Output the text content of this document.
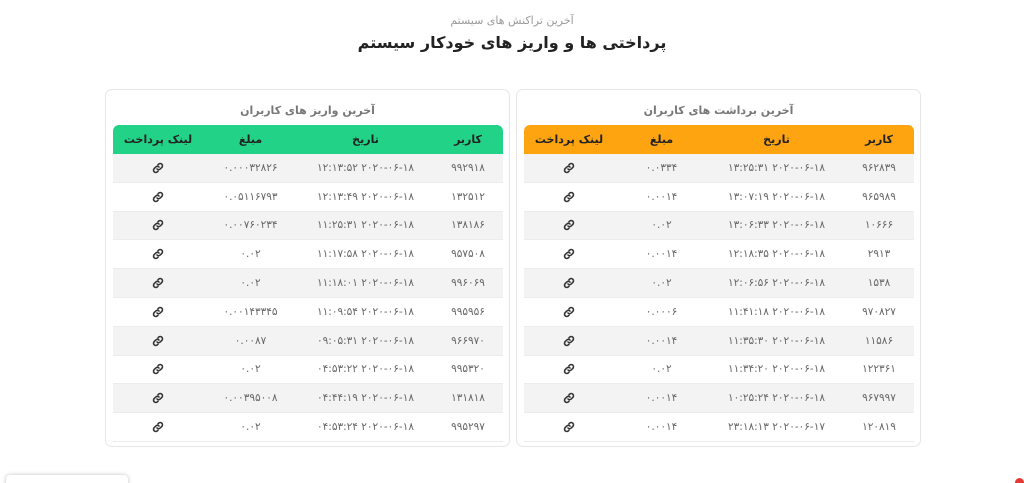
آخرین تراکنش های سیستم
پرداختی ها و واریز های خودکار سیستم
آخرین واریز های کاربران
کاربر
تاریخ
مبلغ
لینک پرداخت
۹۹۲۹۱۸
۲۰۲۰-۰۶-۱۸ ۱۲:۱۳:۵۲
۰.۰۰۰۳۲۸۲۶
۱۳۲۵۱۲
۲۰۲۰-۰۶-۱۸ ۱۲:۱۳:۴۹
۰.۰۵۱۱۶۷۹۳
۱۳۸۱۸۶
۲۰۲۰-۰۶-۱۸ ۱۱:۲۵:۳۱
۰.۰۰۷۶۰۲۳۴
۹۵۷۵۰۸
۲۰۲۰-۰۶-۱۸ ۱۱:۱۷:۵۸
۰.۰۲
۹۹۶۰۶۹
۲۰۲۰-۰۶-۱۸ ۱۱:۱۸:۰۱
۰.۰۲
۹۹۵۹۵۶
۲۰۲۰-۰۶-۱۸ ۱۱:۰۹:۵۴
۰.۰۰۱۴۳۳۴۵
۹۶۶۹۷۰
۲۰۲۰-۰۶-۱۸ ۰۹:۰۵:۳۱
۰.۰۰۸۷
۹۹۵۳۲۰
۲۰۲۰-۰۶-۱۸ ۰۴:۵۳:۲۲
۰.۰۲
۱۳۱۸۱۸
۲۰۲۰-۰۶-۱۸ ۰۴:۴۴:۱۹
۰.۰۰۳۹۵۰۰۸
۹۹۵۲۹۷
۲۰۲۰-۰۶-۱۸ ۰۴:۵۳:۲۴
۰.۰۲
آخرین برداشت های کاربران
کاربر
تاریخ
مبلغ
لینک پرداخت
۹۶۲۸۳۹
۲۰۲۰-۰۶-۱۸ ۱۳:۲۵:۳۱
۰.۰۳۳۴
۹۶۵۹۸۹
۲۰۲۰-۰۶-۱۸ ۱۳:۰۷:۱۹
۰.۰۰۱۴
۱۰۶۶۶
۲۰۲۰-۰۶-۱۸ ۱۳:۰۶:۳۳
۰.۰۲
۲۹۱۳
۲۰۲۰-۰۶-۱۸ ۱۲:۱۸:۳۵
۰.۰۰۱۴
۱۵۳۸
۲۰۲۰-۰۶-۱۸ ۱۲:۰۶:۵۶
۰.۰۲
۹۷۰۸۲۷
۲۰۲۰-۰۶-۱۸ ۱۱:۴۱:۱۸
۰.۰۰۰۶
۱۱۵۸۶
۲۰۲۰-۰۶-۱۸ ۱۱:۳۵:۳۰
۰.۰۰۱۴
۱۲۲۳۶۱
۲۰۲۰-۰۶-۱۸ ۱۱:۳۴:۲۰
۰.۰۲
۹۶۷۹۹۷
۲۰۲۰-۰۶-۱۸ ۱۰:۲۵:۲۴
۰.۰۰۱۴
۱۲۰۸۱۹
۲۰۲۰-۰۶-۱۷ ۲۳:۱۸:۱۳
۰.۰۰۱۴
